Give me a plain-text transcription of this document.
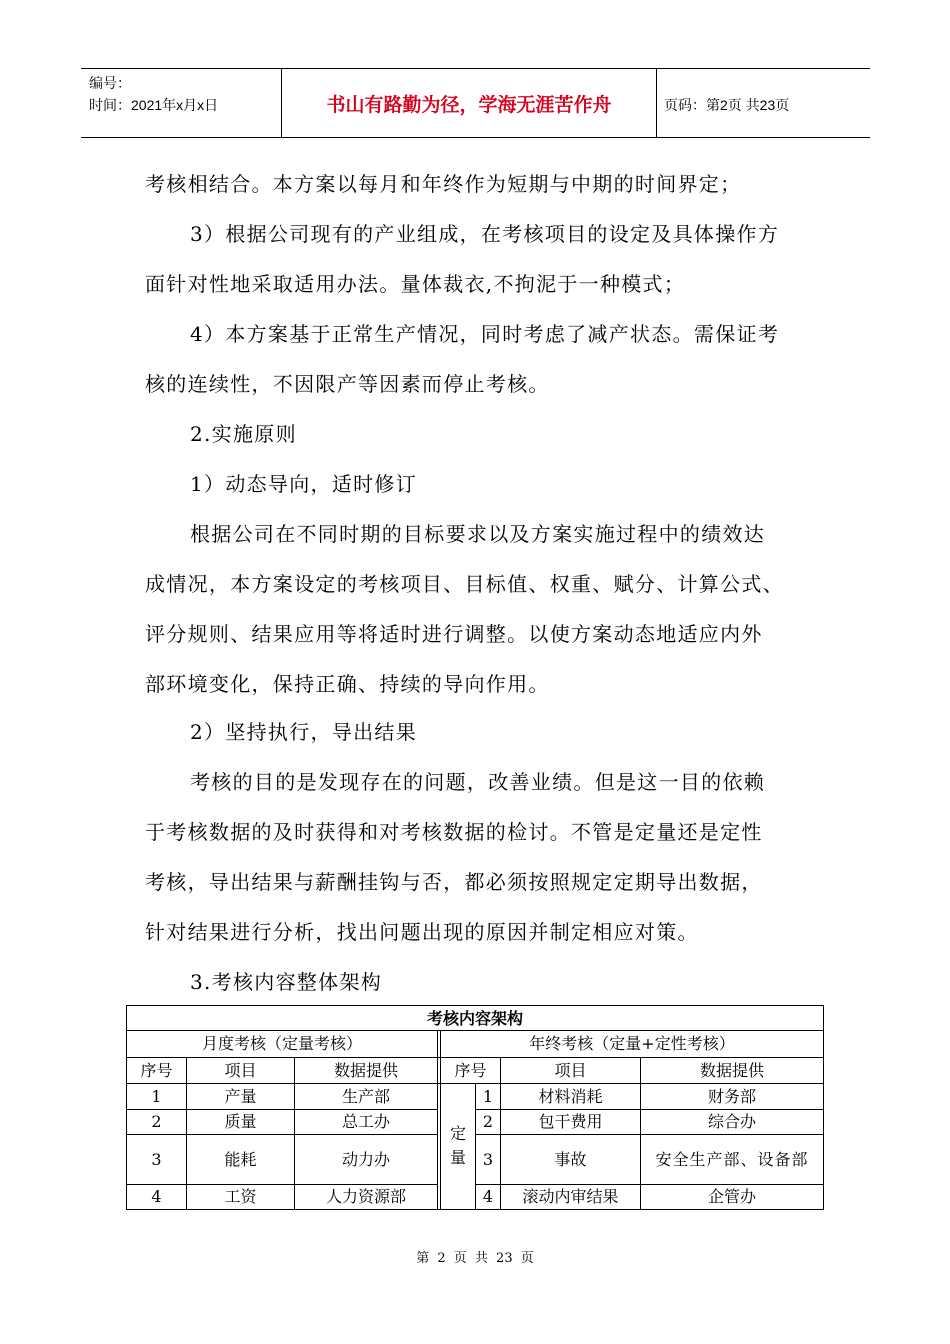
编号：
时间：2021年x月x日	书山有路勤为径，学海无涯苦作舟	页码：第2页 共23页
考核相结合。本方案以每月和年终作为短期与中期的时间界定；
3）根据公司现有的产业组成，在考核项目的设定及具体操作方
面针对性地采取适用办法。量体裁衣,不拘泥于一种模式；
4）本方案基于正常生产情况，同时考虑了减产状态。需保证考
核的连续性，不因限产等因素而停止考核。
2.实施原则
1）动态导向，适时修订
根据公司在不同时期的目标要求以及方案实施过程中的绩效达
成情况，本方案设定的考核项目、目标值、权重、赋分、计算公式、
评分规则、结果应用等将适时进行调整。以使方案动态地适应内外
部环境变化，保持正确、持续的导向作用。
2）坚持执行，导出结果
考核的目的是发现存在的问题，改善业绩。但是这一目的依赖
于考核数据的及时获得和对考核数据的检讨。不管是定量还是定性
考核，导出结果与薪酬挂钩与否，都必须按照规定定期导出数据，
针对结果进行分析，找出问题出现的原因并制定相应对策。
3.考核内容整体架构
考核内容架构
月度考核（定量考核）	年终考核（定量+定性考核）
序号	项目	数据提供	序号	项目	数据提供
定量
1	产量	生产部	1	材料消耗	财务部
2	质量	总工办	2	包干费用	综合办
3	能耗	动力办	3	事故	安全生产部、设备部
4	工资	人力资源部	4	滚动内审结果	企管办
第 2 页 共 23 页
